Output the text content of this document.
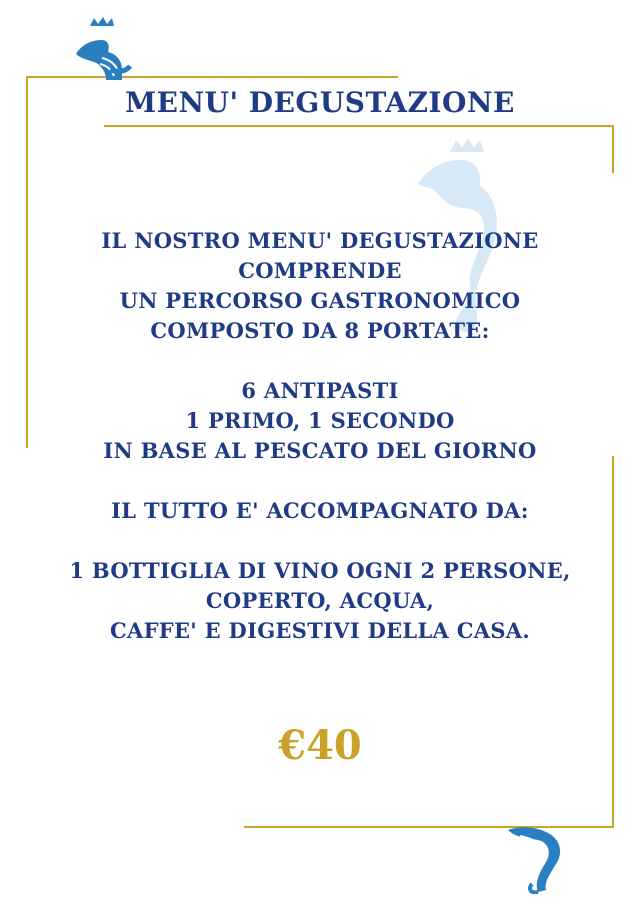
MENU' DEGUSTAZIONE
IL NOSTRO MENU' DEGUSTAZIONE
COMPRENDE
UN PERCORSO GASTRONOMICO
COMPOSTO DA 8 PORTATE:
6 ANTIPASTI
1 PRIMO, 1 SECONDO
IN BASE AL PESCATO DEL GIORNO
IL TUTTO E' ACCOMPAGNATO DA:
1 BOTTIGLIA DI VINO OGNI 2 PERSONE,
COPERTO, ACQUA,
CAFFE' E DIGESTIVI DELLA CASA.
€40
